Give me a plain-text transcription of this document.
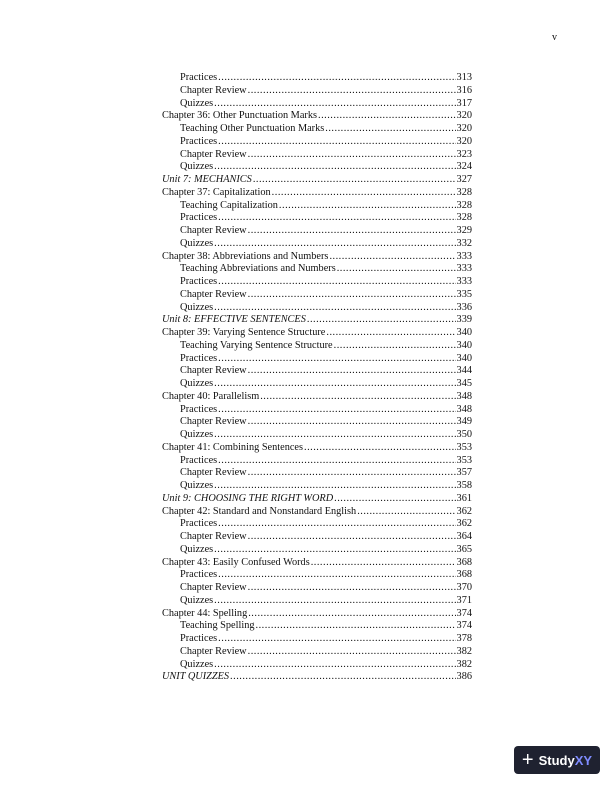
v
Practices .....	313
Chapter Review .....	316
Quizzes .....	317
Chapter 36: Other Punctuation Marks .....	320
Teaching Other Punctuation Marks .....	320
Practices .....	320
Chapter Review .....	323
Quizzes .....	324
Unit 7: MECHANICS .....	327
Chapter 37: Capitalization .....	328
Teaching Capitalization .....	328
Practices .....	328
Chapter Review .....	329
Quizzes .....	332
Chapter 38: Abbreviations and Numbers .....	333
Teaching Abbreviations and Numbers .....	333
Practices .....	333
Chapter Review .....	335
Quizzes .....	336
Unit 8: EFFECTIVE SENTENCES .....	339
Chapter 39: Varying Sentence Structure .....	340
Teaching Varying Sentence Structure .....	340
Practices .....	340
Chapter Review .....	344
Quizzes .....	345
Chapter 40: Parallelism .....	348
Practices .....	348
Chapter Review .....	349
Quizzes .....	350
Chapter 41: Combining Sentences .....	353
Practices .....	353
Chapter Review .....	357
Quizzes .....	358
Unit 9: CHOOSING THE RIGHT WORD .....	361
Chapter 42: Standard and Nonstandard English .....	362
Practices .....	362
Chapter Review .....	364
Quizzes .....	365
Chapter 43: Easily Confused Words .....	368
Practices .....	368
Chapter Review .....	370
Quizzes .....	371
Chapter 44: Spelling .....	374
Teaching Spelling .....	374
Practices .....	378
Chapter Review .....	382
Quizzes .....	382
UNIT QUIZZES .....	386
+ Study XY
